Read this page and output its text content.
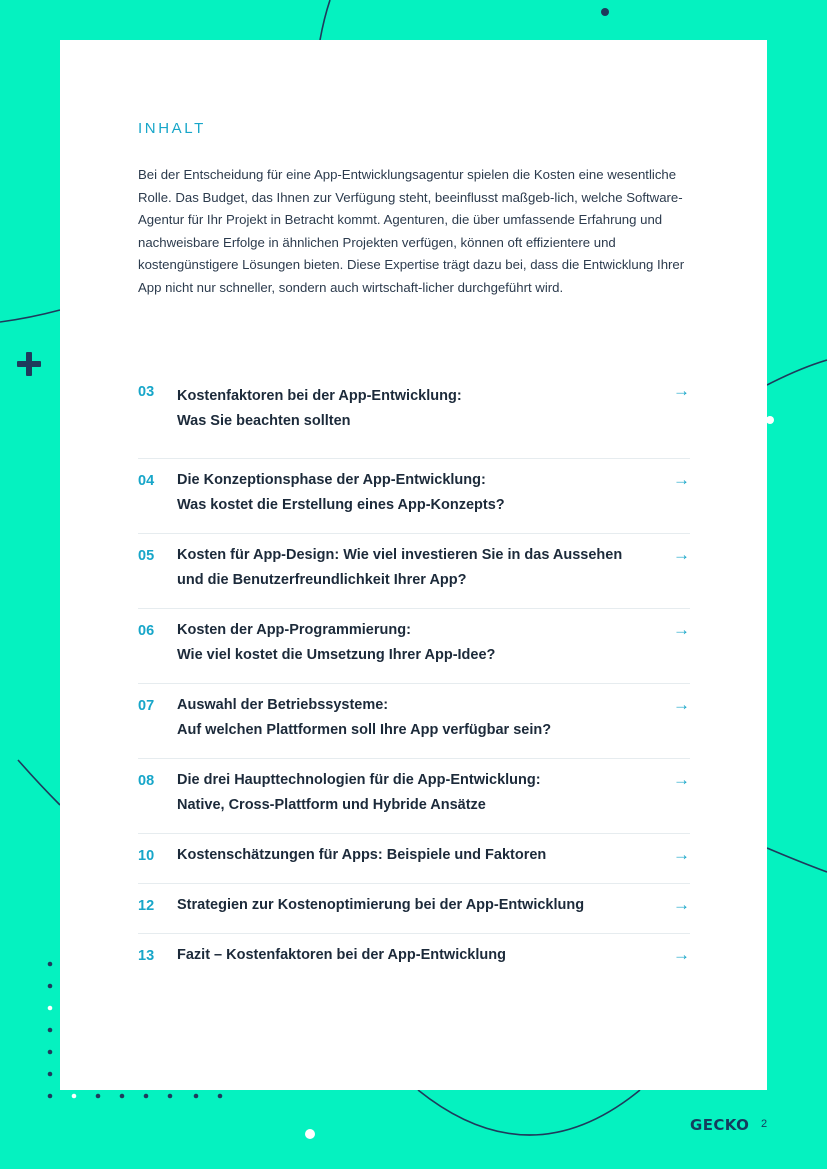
INHALT
Bei der Entscheidung für eine App-Entwicklungsagentur spielen die Kosten eine wesentliche Rolle. Das Budget, das Ihnen zur Verfügung steht, beeinflusst maßgeb-lich, welche Software-Agentur für Ihr Projekt in Betracht kommt. Agenturen, die über umfassende Erfahrung und nachweisbare Erfolge in ähnlichen Projekten verfügen, können oft effizientere und kostengünstigere Lösungen bieten. Diese Expertise trägt dazu bei, dass die Entwicklung Ihrer App nicht nur schneller, sondern auch wirtschaft-licher durchgeführt wird.
03 Kostenfaktoren bei der App-Entwicklung:
Was Sie beachten sollten
→
04 Die Konzeptionsphase der App-Entwicklung:
Was kostet die Erstellung eines App-Konzepts?
→
05 Kosten für App-Design: Wie viel investieren Sie in das Aussehen
und die Benutzerfreundlichkeit Ihrer App?
→
06 Kosten der App-Programmierung:
Wie viel kostet die Umsetzung Ihrer App-Idee?
→
07 Auswahl der Betriebssysteme:
Auf welchen Plattformen soll Ihre App verfügbar sein?
→
08 Die drei Haupttechnologien für die App-Entwicklung:
Native, Cross-Plattform und Hybride Ansätze
→
10 Kostenschätzungen für Apps: Beispiele und Faktoren	→
12 Strategien zur Kostenoptimierung bei der App-Entwicklung	→
13 Fazit – Kostenfaktoren bei der App-Entwicklung	→
GECKO 2
